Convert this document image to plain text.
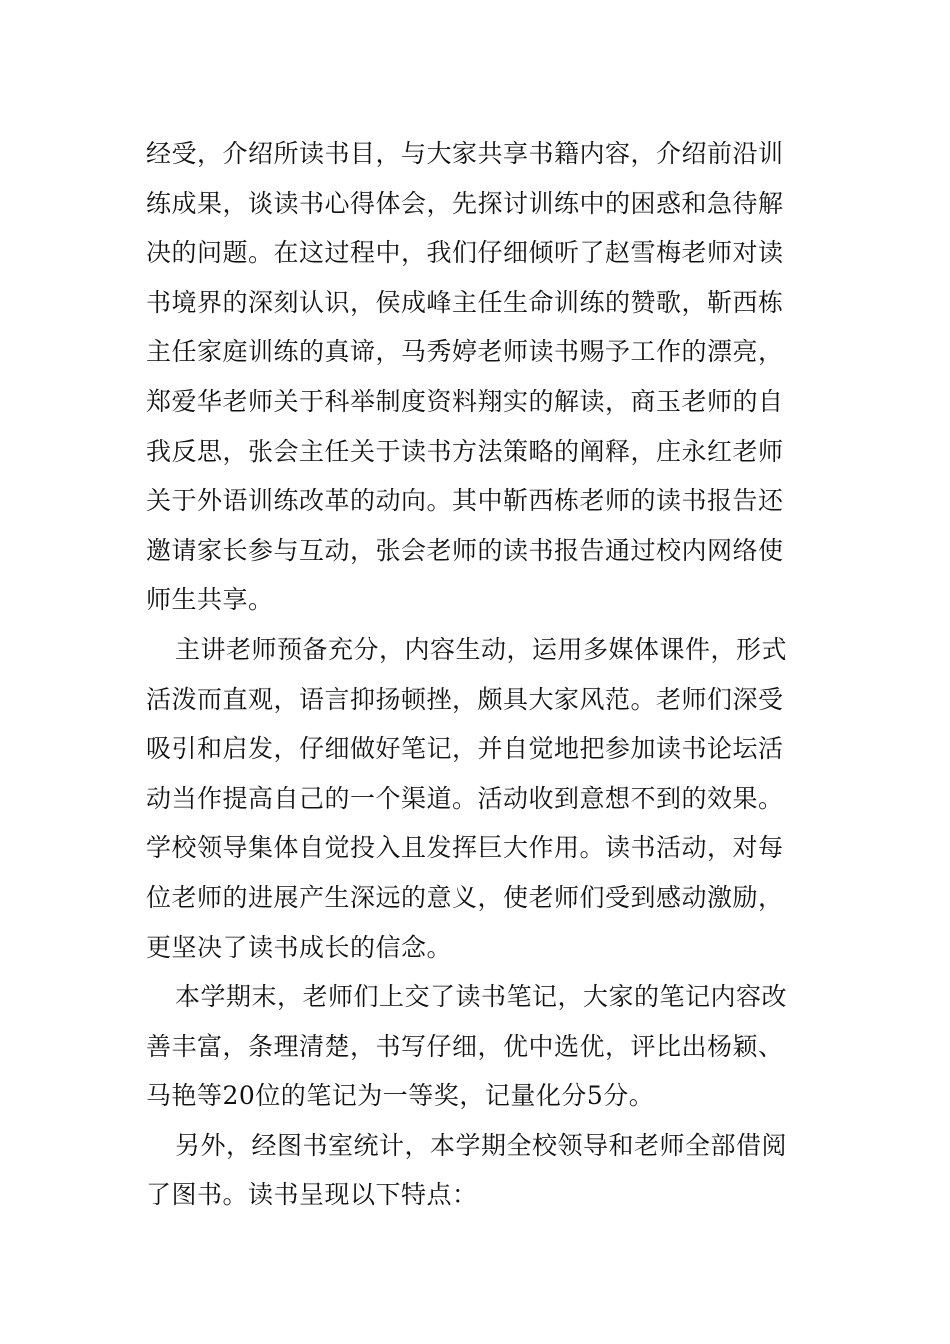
经受，介绍所读书目，与大家共享书籍内容，介绍前沿训
练成果，谈读书心得体会，先探讨训练中的困惑和急待解
决的问题。在这过程中，我们仔细倾听了赵雪梅老师对读
书境界的深刻认识，侯成峰主任生命训练的赞歌，靳西栋
主任家庭训练的真谛，马秀婷老师读书赐予工作的漂亮，
郑爱华老师关于科举制度资料翔实的解读，商玉老师的自
我反思，张会主任关于读书方法策略的阐释，庄永红老师
关于外语训练改革的动向。其中靳西栋老师的读书报告还
邀请家长参与互动，张会老师的读书报告通过校内网络使
师生共享。
主讲老师预备充分，内容生动，运用多媒体课件，形式
活泼而直观，语言抑扬顿挫，颇具大家风范。老师们深受
吸引和启发，仔细做好笔记，并自觉地把参加读书论坛活
动当作提高自己的一个渠道。活动收到意想不到的效果。
学校领导集体自觉投入且发挥巨大作用。读书活动，对每
位老师的进展产生深远的意义，使老师们受到感动激励，
更坚决了读书成长的信念。
本学期末，老师们上交了读书笔记，大家的笔记内容改
善丰富，条理清楚，书写仔细，优中选优，评比出杨颖、
马艳等20位的笔记为一等奖，记量化分5分。
另外，经图书室统计，本学期全校领导和老师全部借阅
了图书。读书呈现以下特点：
